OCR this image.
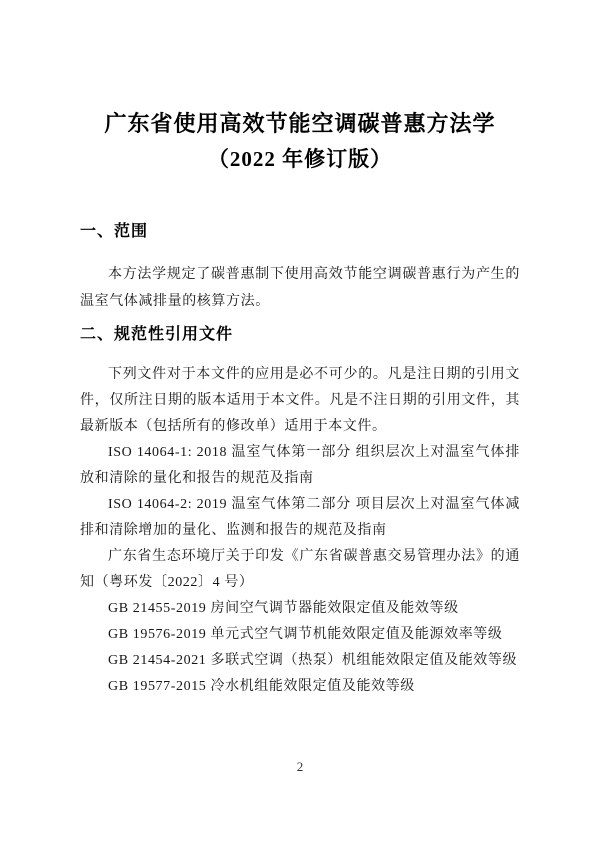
广东省使用高效节能空调碳普惠方法学
（2022 年修订版）
一、范围

本方法学规定了碳普惠制下使用高效节能空调碳普惠行为产生的温室气体减排量的核算方法。

二、规范性引用文件

下列文件对于本文件的应用是必不可少的。凡是注日期的引用文件，仅所注日期的版本适用于本文件。凡是不注日期的引用文件，其最新版本（包括所有的修改单）适用于本文件。

ISO 14064-1: 2018 温室气体第一部分 组织层次上对温室气体排放和清除的量化和报告的规范及指南

ISO 14064-2: 2019 温室气体第二部分 项目层次上对温室气体减排和清除增加的量化、监测和报告的规范及指南

广东省生态环境厅关于印发《广东省碳普惠交易管理办法》的通知（粤环发〔2022〕4 号）

GB 21455-2019 房间空气调节器能效限定值及能效等级

GB 19576-2019 单元式空气调节机能效限定值及能源效率等级

GB 21454-2021 多联式空调（热泵）机组能效限定值及能效等级

GB 19577-2015 冷水机组能效限定值及能效等级

2
